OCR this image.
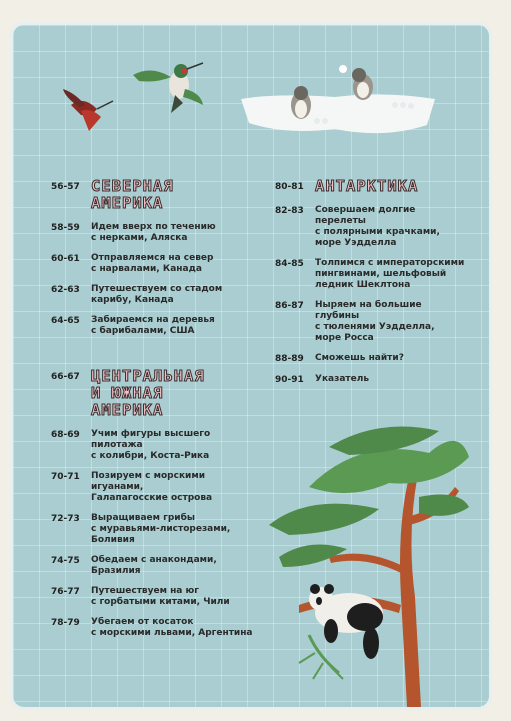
56-57 СЕВЕРНАЯ
АМЕРИКА
58-59	Идем вверх по течению
с нерками, Аляска
60-61	Отправляемся на север
с нарвалами, Канада
62-63	Путешествуем со стадом
карибу, Канада
64-65	Забираемся на деревья
с барибалами, США
66-67 ЦЕНТРАЛЬНАЯ
И ЮЖНАЯ
АМЕРИКА
68-69	Учим фигуры высшего пилотажа
с колибри, Коста-Рика
70-71	Позируем с морскими игуанами,
Галапагосские острова
72-73	Выращиваем грибы
с муравьями-листорезами,
Боливия
74-75	Обедаем с анакондами, Бразилия
76-77	Путешествуем на юг
с горбатыми китами, Чили
78-79	Убегаем от косаток
с морскими львами, Аргентина
80-81 АНТАРКТИКА
82-83	Совершаем долгие перелеты
с полярными крачками,
море Уэдделла
84-85	Толпимся с императорскими
пингвинами, шельфовый
ледник Шеклтона
86-87	Ныряем на большие глубины
с тюленями Уэдделла,
море Росса
88-89	Сможешь найти?
90-91	Указатель
